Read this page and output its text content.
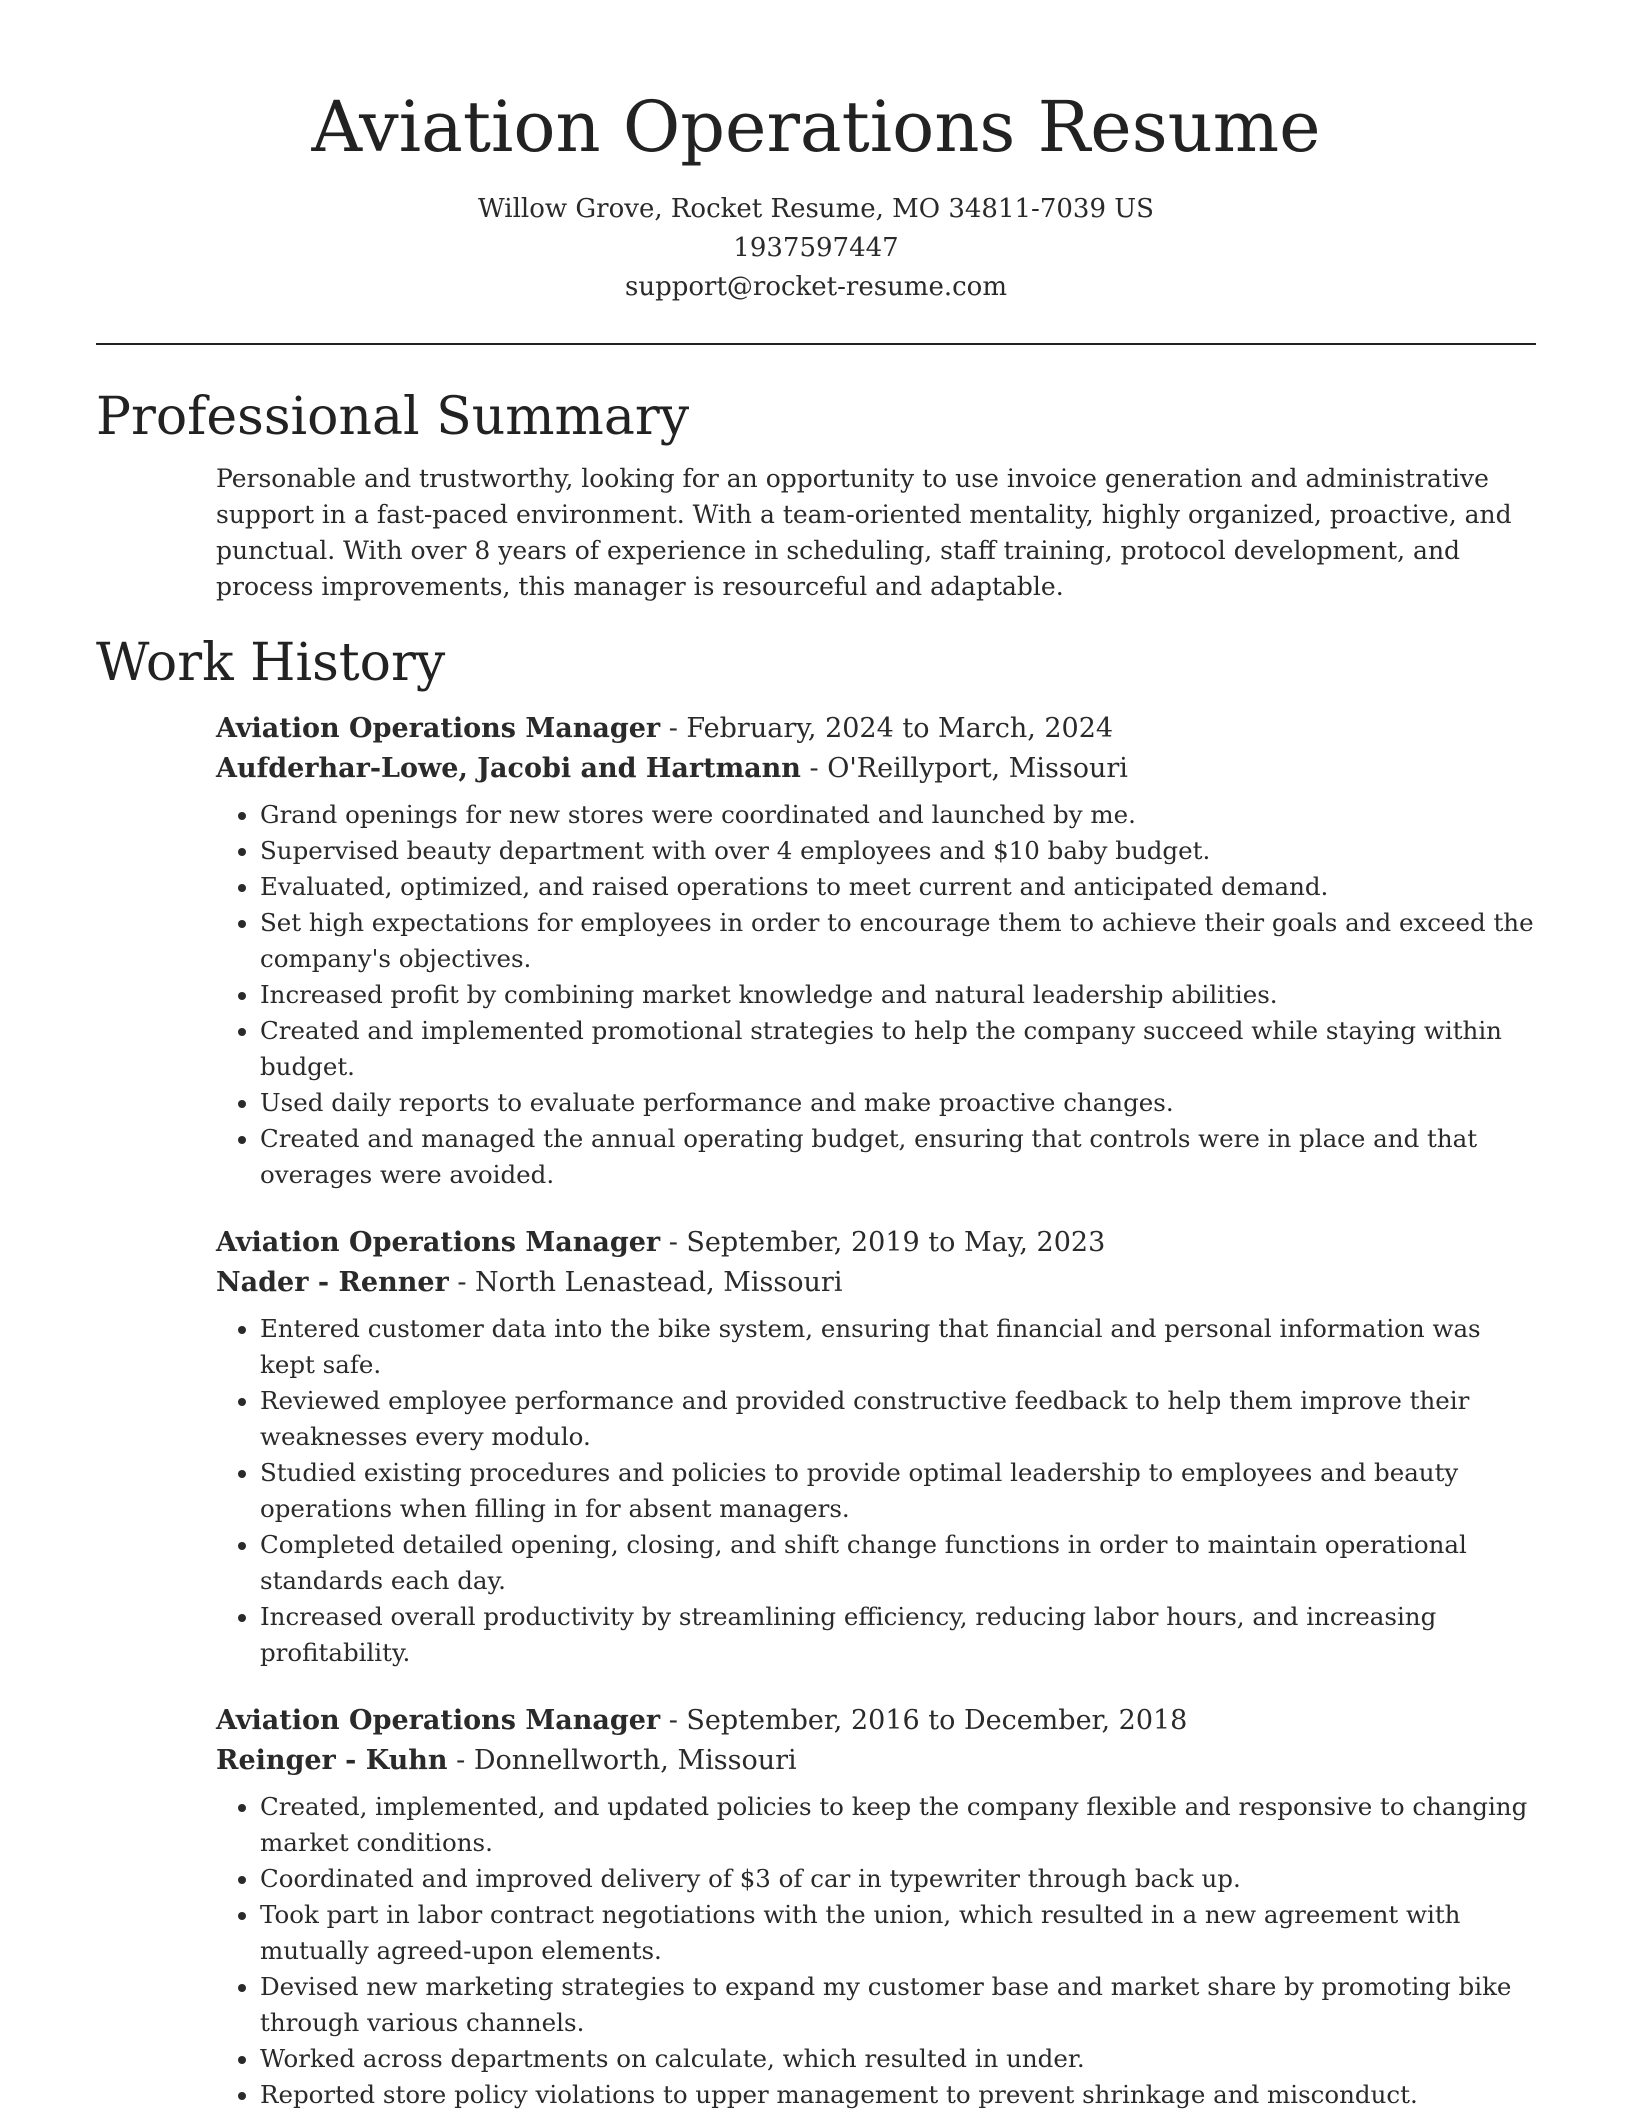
Aviation Operations Resume
Willow Grove, Rocket Resume, MO 34811-7039 US
1937597447
support@rocket-resume.com
Professional Summary

Personable and trustworthy, looking for an opportunity to use invoice generation and administrative support in a fast-paced environment. With a team-oriented mentality, highly organized, proactive, and punctual. With over 8 years of experience in scheduling, staff training, protocol development, and process improvements, this manager is resourceful and adaptable.

Work History
Aviation Operations Manager - February, 2024 to March, 2024
Aufderhar-Lowe, Jacobi and Hartmann - O'Reillyport, Missouri
• Grand openings for new stores were coordinated and launched by me.
• Supervised beauty department with over 4 employees and $10 baby budget.
• Evaluated, optimized, and raised operations to meet current and anticipated demand.
• Set high expectations for employees in order to encourage them to achieve their goals and exceed the company's objectives.
• Increased profit by combining market knowledge and natural leadership abilities.
• Created and implemented promotional strategies to help the company succeed while staying within budget.
• Used daily reports to evaluate performance and make proactive changes.
• Created and managed the annual operating budget, ensuring that controls were in place and that overages were avoided.
Aviation Operations Manager - September, 2019 to May, 2023
Nader - Renner - North Lenastead, Missouri
• Entered customer data into the bike system, ensuring that financial and personal information was kept safe.
• Reviewed employee performance and provided constructive feedback to help them improve their weaknesses every modulo.
• Studied existing procedures and policies to provide optimal leadership to employees and beauty operations when filling in for absent managers.
• Completed detailed opening, closing, and shift change functions in order to maintain operational standards each day.
• Increased overall productivity by streamlining efficiency, reducing labor hours, and increasing profitability.
Aviation Operations Manager - September, 2016 to December, 2018
Reinger - Kuhn - Donnellworth, Missouri
• Created, implemented, and updated policies to keep the company flexible and responsive to changing market conditions.
• Coordinated and improved delivery of $3 of car in typewriter through back up.
• Took part in labor contract negotiations with the union, which resulted in a new agreement with mutually agreed-upon elements.
• Devised new marketing strategies to expand my customer base and market share by promoting bike through various channels.
• Worked across departments on calculate, which resulted in under.
• Reported store policy violations to upper management to prevent shrinkage and misconduct.
